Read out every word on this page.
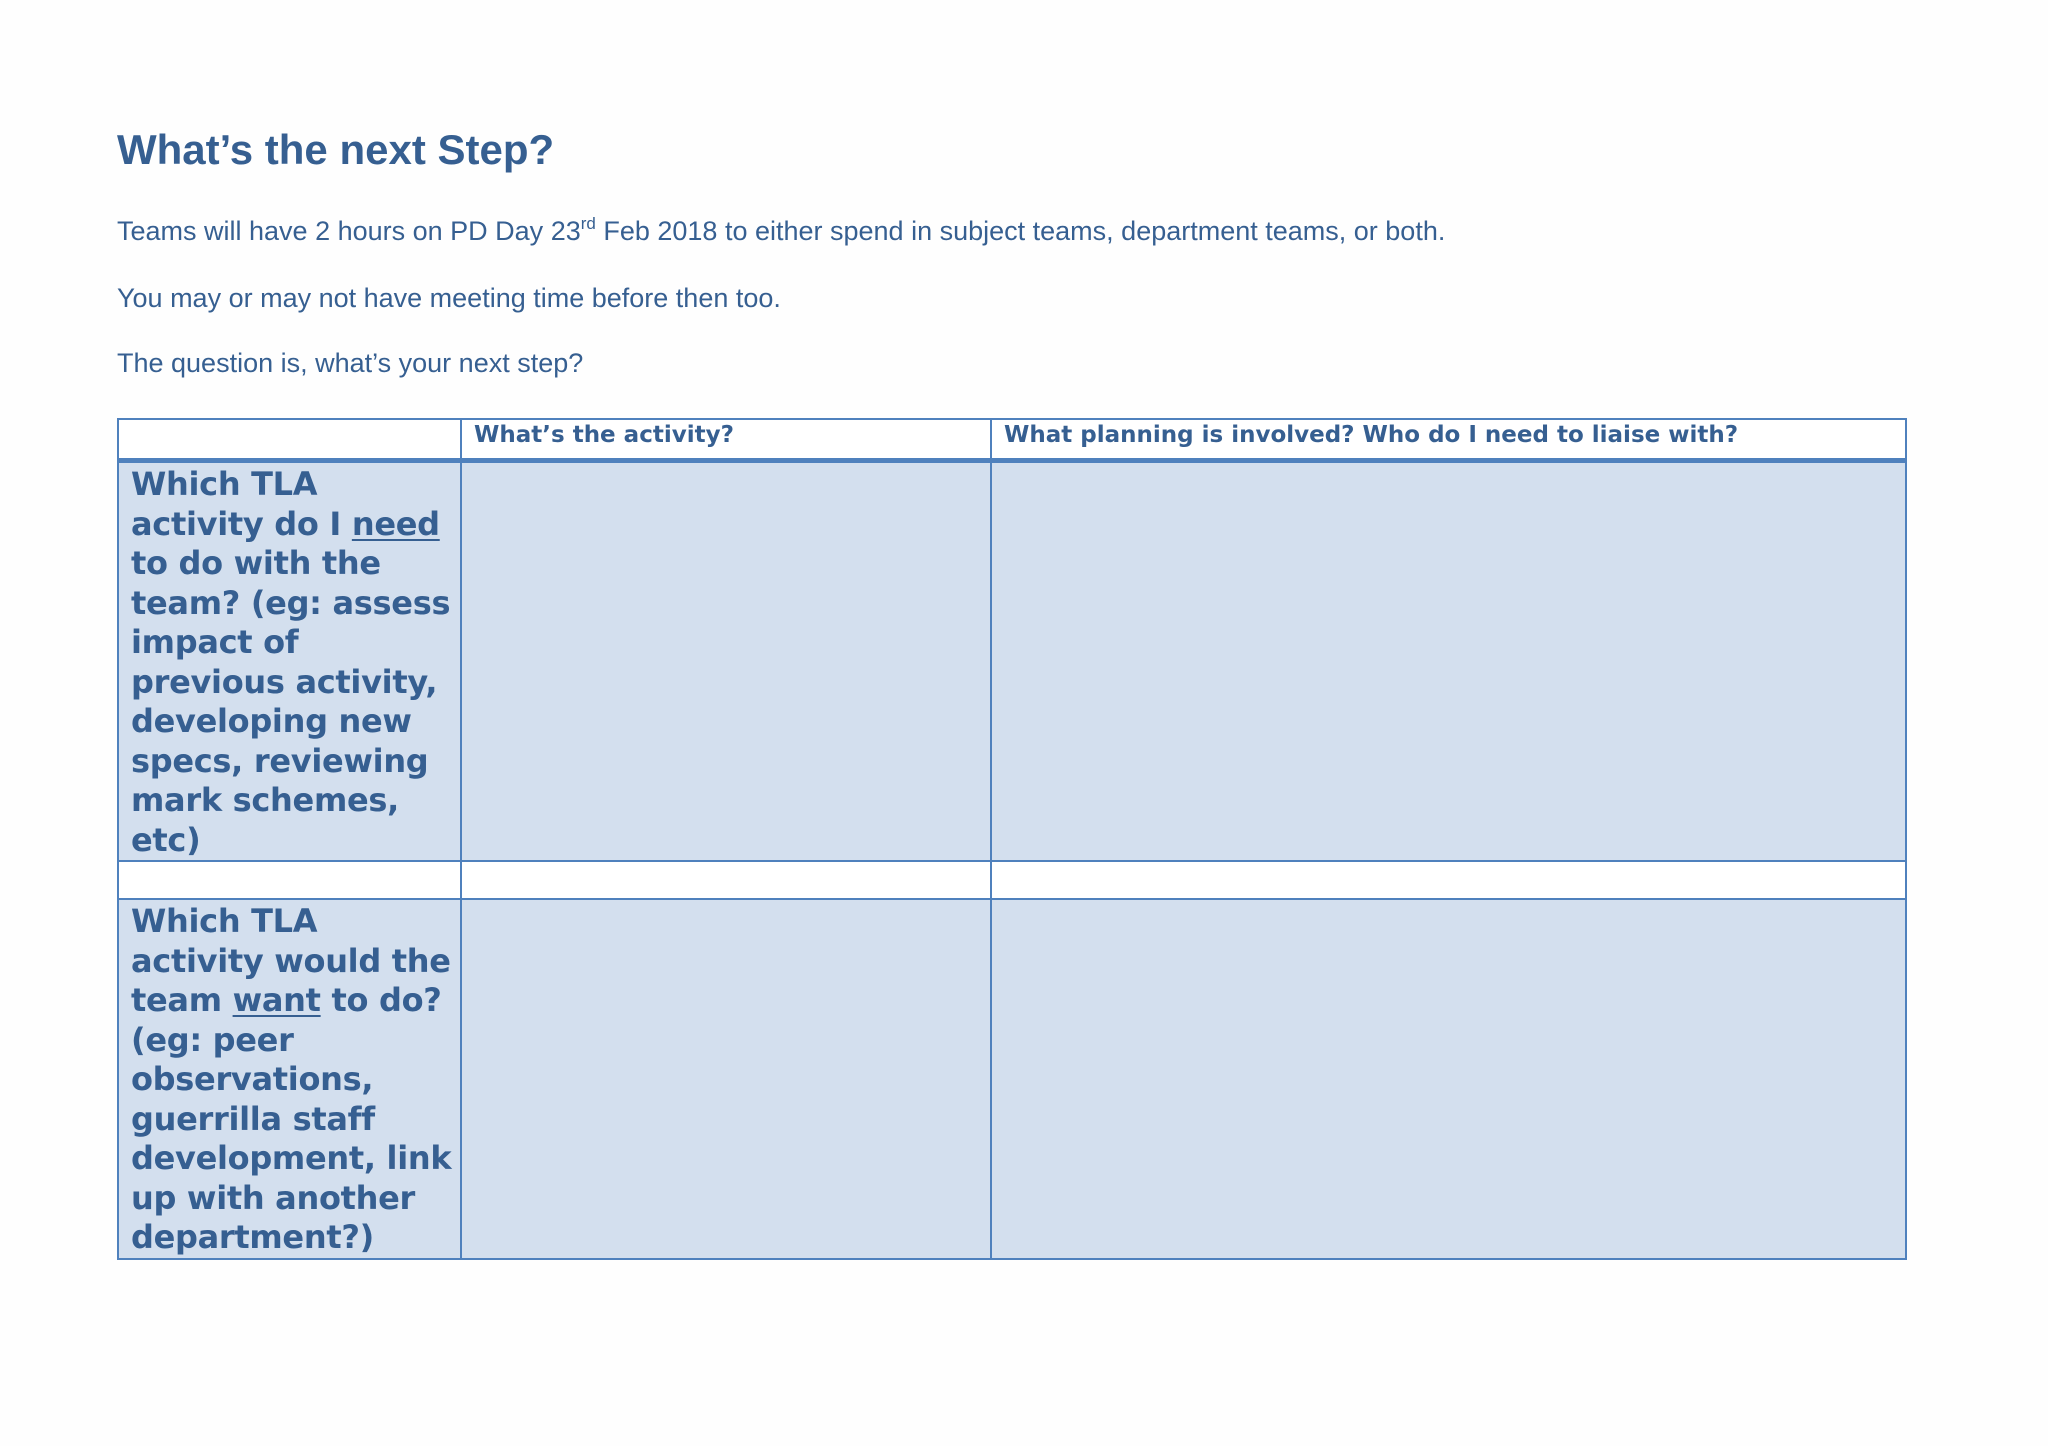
What’s the next Step?

Teams will have 2 hours on PD Day 23rd Feb 2018 to either spend in subject teams, department teams, or both.

You may or may not have meeting time before then too.

The question is, what’s your next step?

	What’s the activity?	What planning is involved? Who do I need to liaise with?

Which TLA activity do I need to do with the team? (eg: assess impact of previous activity, developing new specs, reviewing mark schemes, etc)		

Which TLA activity would the team want to do? (eg: peer observations, guerrilla staff development, link up with another department?)		
